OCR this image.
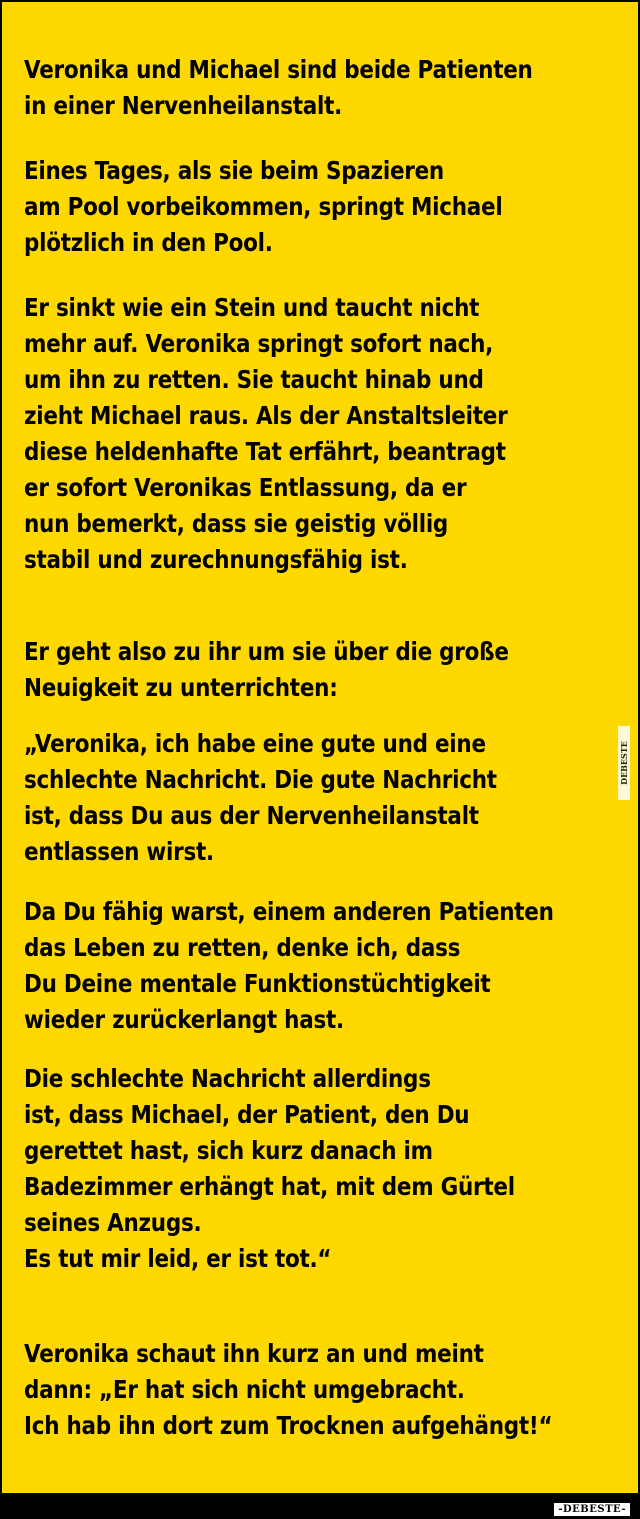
Veronika und Michael sind beide Patienten
in einer Nervenheilanstalt.

Eines Tages, als sie beim Spazieren
am Pool vorbeikommen, springt Michael
plötzlich in den Pool.

Er sinkt wie ein Stein und taucht nicht
mehr auf. Veronika springt sofort nach,
um ihn zu retten. Sie taucht hinab und
zieht Michael raus. Als der Anstaltsleiter
diese heldenhafte Tat erfährt, beantragt
er sofort Veronikas Entlassung, da er
nun bemerkt, dass sie geistig völlig
stabil und zurechnungsfähig ist.

Er geht also zu ihr um sie über die große
Neuigkeit zu unterrichten:

„Veronika, ich habe eine gute und eine
schlechte Nachricht. Die gute Nachricht
ist, dass Du aus der Nervenheilanstalt
entlassen wirst.

Da Du fähig warst, einem anderen Patienten
das Leben zu retten, denke ich, dass
Du Deine mentale Funktionstüchtigkeit
wieder zurückerlangt hast.

Die schlechte Nachricht allerdings
ist, dass Michael, der Patient, den Du
gerettet hast, sich kurz danach im
Badezimmer erhängt hat, mit dem Gürtel
seines Anzugs.
Es tut mir leid, er ist tot.“

Veronika schaut ihn kurz an und meint
dann: „Er hat sich nicht umgebracht.
Ich hab ihn dort zum Trocknen aufgehängt!“

DEBESTE
-DEBESTE-
